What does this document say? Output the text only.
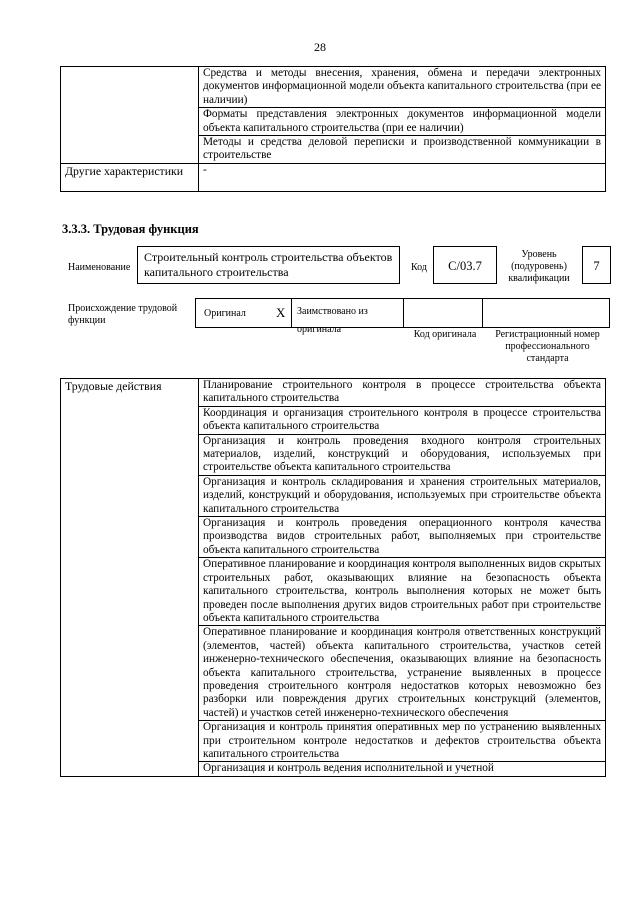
28

	Средства и методы внесения, хранения, обмена и передачи электронных документов информационной модели объекта капитального строительства (при ее наличии)

	Форматы представления электронных документов информационной модели объекта капитального строительства (при ее наличии)

	Методы и средства деловой переписки и производственной коммуникации в строительстве

Другие характеристики	-
3.3.3. Трудовая функция
Наименование
Строительный контроль строительства объектов капитального строительства	Код	С/03.7
Уровень (подуровень) квалификации
7
Происхождение трудовой функции
Оригинал X	Заимствовано из оригинала	Код оригинала	Регистрационный номер профессионального стандарта
Трудовые действия	Планирование строительного контроля в процессе строительства объекта капитального строительства

Координация и организация строительного контроля в процессе строительства объекта капитального строительства

Организация и контроль проведения входного контроля строительных материалов, изделий, конструкций и оборудования, используемых при строительстве объекта капитального строительства

Организация и контроль складирования и хранения строительных материалов, изделий, конструкций и оборудования, используемых при строительстве объекта капитального строительства

Организация и контроль проведения операционного контроля качества производства видов строительных работ, выполняемых при строительстве объекта капитального строительства

Оперативное планирование и координация контроля выполненных видов скрытых строительных работ, оказывающих влияние на безопасность объекта капитального строительства, контроль выполнения которых не может быть проведен после выполнения других видов строительных работ при строительстве объекта капитального строительства

Оперативное планирование и координация контроля ответственных конструкций (элементов, частей) объекта капитального строительства, участков сетей инженерно-технического обеспечения, оказывающих влияние на безопасность объекта капитального строительства, устранение выявленных в процессе проведения строительного контроля недостатков которых невозможно без разборки или повреждения других строительных конструкций (элементов, частей) и участков сетей инженерно-технического обеспечения

Организация и контроль принятия оперативных мер по устранению выявленных при строительном контроле недостатков и дефектов строительства объекта капитального строительства

Организация и контроль ведения исполнительной и учетной
